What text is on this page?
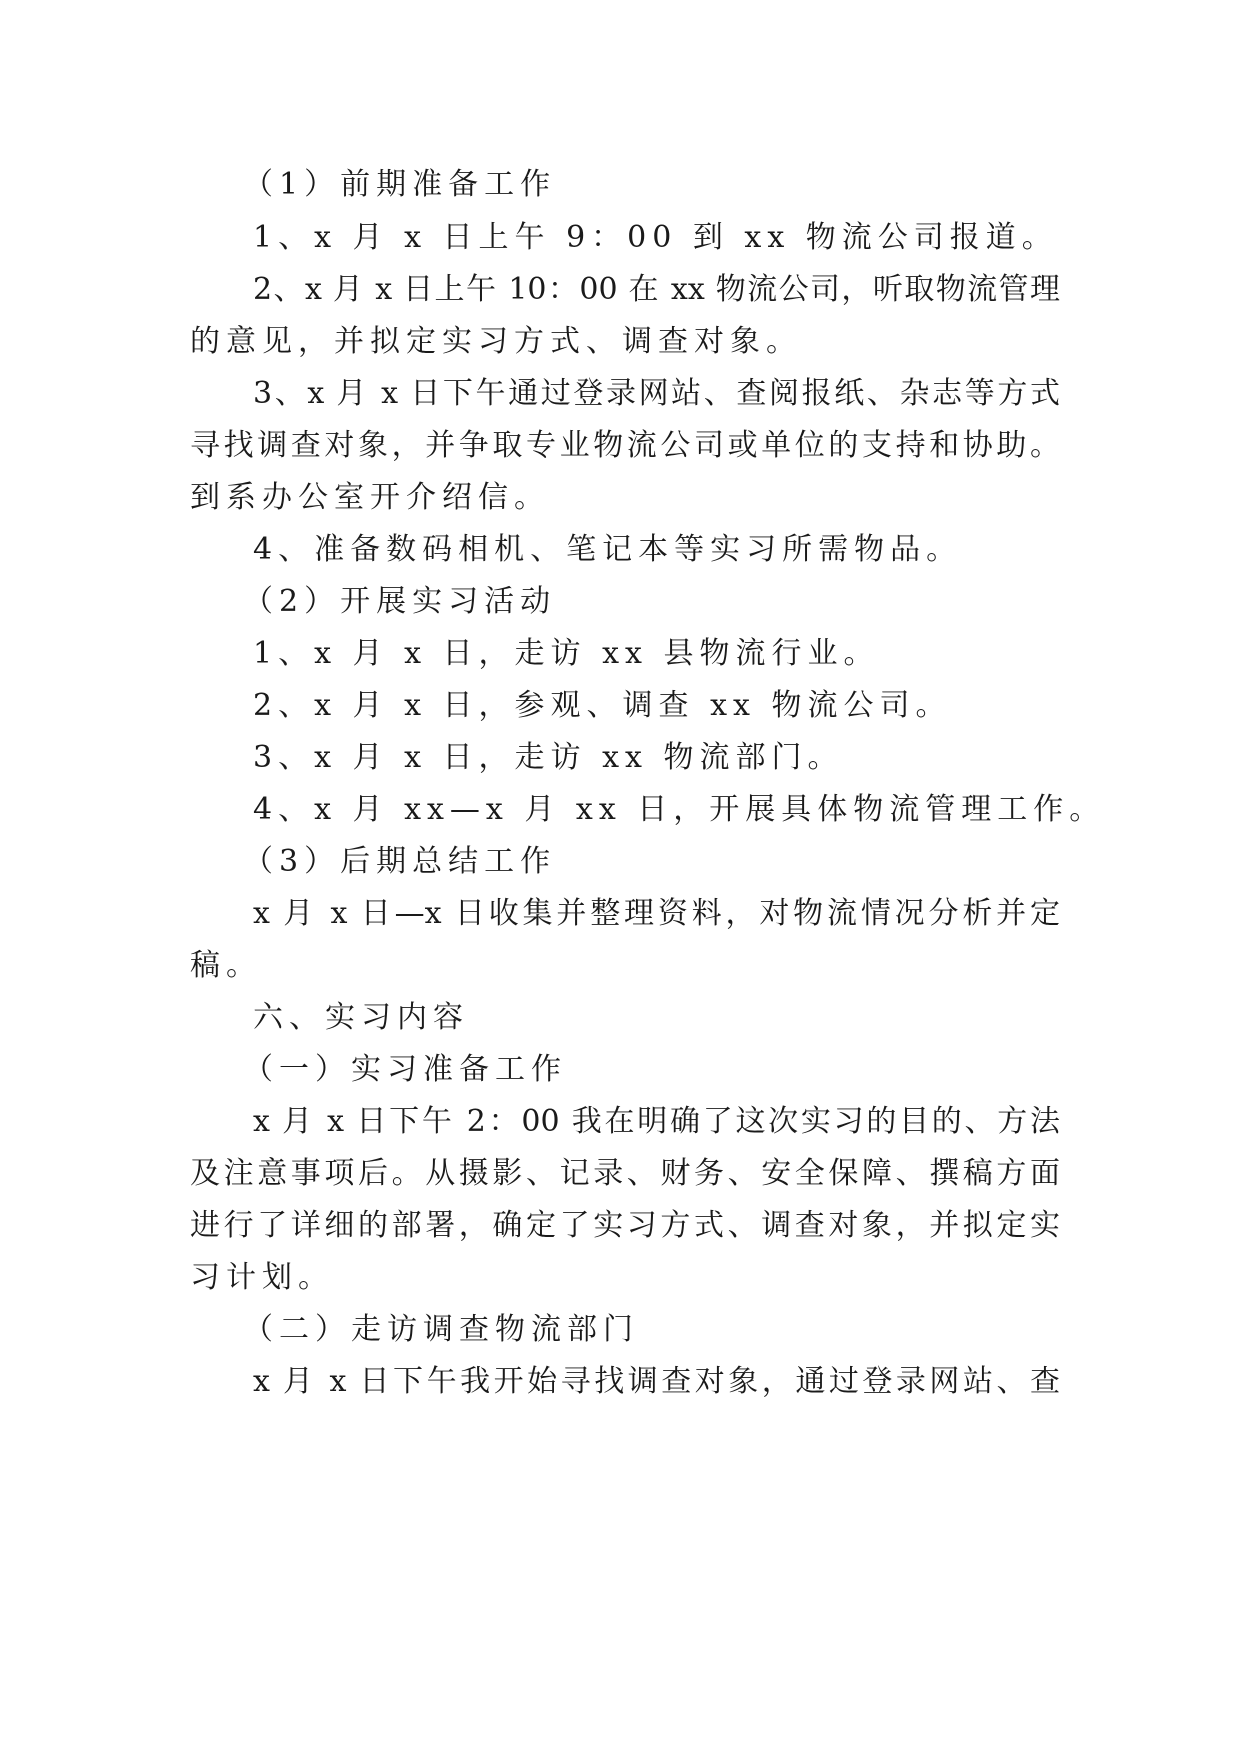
（1）前期准备工作
1、x 月 x 日上午 9：00 到 xx 物流公司报道。
2、x 月 x 日上午 10：00 在 xx 物流公司，听取物流管理
的意见，并拟定实习方式、调查对象。
3、x 月 x 日下午通过登录网站、查阅报纸、杂志等方式
寻找调查对象，并争取专业物流公司或单位的支持和协助。
到系办公室开介绍信。
4、准备数码相机、笔记本等实习所需物品。
（2）开展实习活动
1、x 月 x 日，走访 xx 县物流行业。
2、x 月 x 日，参观、调查 xx 物流公司。
3、x 月 x 日，走访 xx 物流部门。
4、x 月 xx—x 月 xx 日，开展具体物流管理工作。
（3）后期总结工作
x 月 x 日—x 日收集并整理资料，对物流情况分析并定
稿。
六、实习内容
（一）实习准备工作
x 月 x 日下午 2：00 我在明确了这次实习的目的、方法
及注意事项后。从摄影、记录、财务、安全保障、撰稿方面
进行了详细的部署，确定了实习方式、调查对象，并拟定实
习计划。
（二）走访调查物流部门
x 月 x 日下午我开始寻找调查对象，通过登录网站、查
